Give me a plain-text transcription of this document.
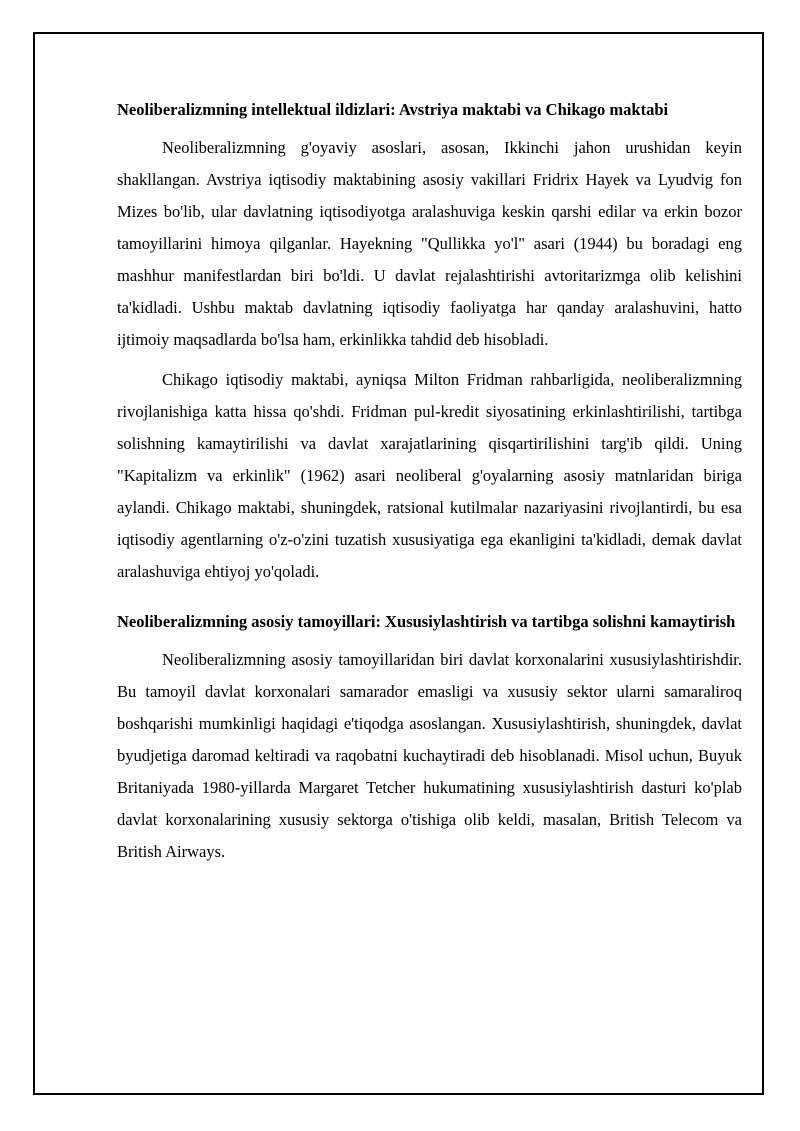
Neoliberalizmning intellektual ildizlari: Avstriya maktabi va Chikago maktabi

Neoliberalizmning g'oyaviy asoslari, asosan, Ikkinchi jahon urushidan keyin shakllangan. Avstriya iqtisodiy maktabining asosiy vakillari Fridrix Hayek va Lyudvig fon Mizes bo'lib, ular davlatning iqtisodiyotga aralashuviga keskin qarshi edilar va erkin bozor tamoyillarini himoya qilganlar. Hayekning "Qullikka yo'l" asari (1944) bu boradagi eng mashhur manifestlardan biri bo'ldi. U davlat rejalashtirishi avtoritarizmga olib kelishini ta'kidladi. Ushbu maktab davlatning iqtisodiy faoliyatga har qanday aralashuvini, hatto ijtimoiy maqsadlarda bo'lsa ham, erkinlikka tahdid deb hisobladi.

Chikago iqtisodiy maktabi, ayniqsa Milton Fridman rahbarligida, neoliberalizmning rivojlanishiga katta hissa qo'shdi. Fridman pul-kredit siyosatining erkinlashtirilishi, tartibga solishning kamaytirilishi va davlat xarajatlarining qisqartirilishini targ'ib qildi. Uning "Kapitalizm va erkinlik" (1962) asari neoliberal g'oyalarning asosiy matnlaridan biriga aylandi. Chikago maktabi, shuningdek, ratsional kutilmalar nazariyasini rivojlantirdi, bu esa iqtisodiy agentlarning o'z-o'zini tuzatish xususiyatiga ega ekanligini ta'kidladi, demak davlat aralashuviga ehtiyoj yo'qoladi.

Neoliberalizmning asosiy tamoyillari: Xususiylashtirish va tartibga solishni kamaytirish

Neoliberalizmning asosiy tamoyillaridan biri davlat korxonalarini xususiylashtirishdir. Bu tamoyil davlat korxonalari samarador emasligi va xususiy sektor ularni samaraliroq boshqarishi mumkinligi haqidagi e'tiqodga asoslangan. Xususiylashtirish, shuningdek, davlat byudjetiga daromad keltiradi va raqobatni kuchaytiradi deb hisoblanadi. Misol uchun, Buyuk Britaniyada 1980-yillarda Margaret Tetcher hukumatining xususiylashtirish dasturi ko'plab davlat korxonalarining xususiy sektorga o'tishiga olib keldi, masalan, British Telecom va British Airways.
